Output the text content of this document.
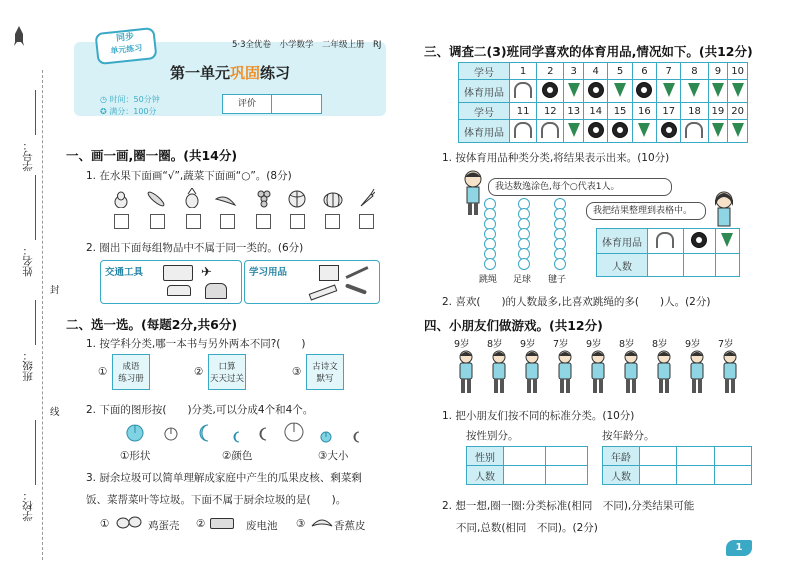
学号：
姓名：
封
班级：
线
学校：
同步
单元练习	5·3全优卷　小学数学　二年级上册　RJ
第一单元巩固练习
◷ 时间：50分钟
✪ 满分：100分
评价
一、画一画,圈一圈。(共14分)
1. 在水果下面画“√”,蔬菜下面画“○”。(8分)
2. 圈出下面每组物品中不属于同一类的。(6分)
交通工具	✈	学习用品
二、选一选。(每题2分,共6分)
1. 按学科分类,哪一本书与另外两本不同?(　　)
①	成语
练习册
②	口算
天天过关
③	古诗文
默写
2. 下面的图形按(　　)分类,可以分成4个和4个。
①形状	②颜色	③大小
3. 厨余垃圾可以简单理解成家庭中产生的瓜果皮核、剩菜剩
饭、菜帮菜叶等垃圾。下面不属于厨余垃圾的是(　　)。
①	鸡蛋壳 ②	废电池 ③	香蕉皮
三、调查二(3)班同学喜欢的体育用品,情况如下。(共12分)
学号	1	2	3	4	5	6	7	8	9	10
体育用品										
学号	11	12	13	14	15	16	17	18	19	20
体育用品										
1. 按体育用品种类分类,将结果表示出来。(10分)
我达数逸涂色,每个○代表1人。
跳绳 足球 毽子
我把结果整理到表格中。
体育用品			
人数			
2. 喜欢(　　)的人数最多,比喜欢跳绳的多(　　)人。(2分)
四、小朋友们做游戏。(共12分)
9岁 8岁 9岁 7岁 9岁 8岁 8岁 9岁 7岁
1. 把小朋友们按不同的标准分类。(10分)
按性别分。	按年龄分。
性别		
人数		
年龄			
人数			
2. 想一想,圈一圈:分类标准(相同　不同),分类结果可能
不同,总数(相同　不同)。(2分)
1
